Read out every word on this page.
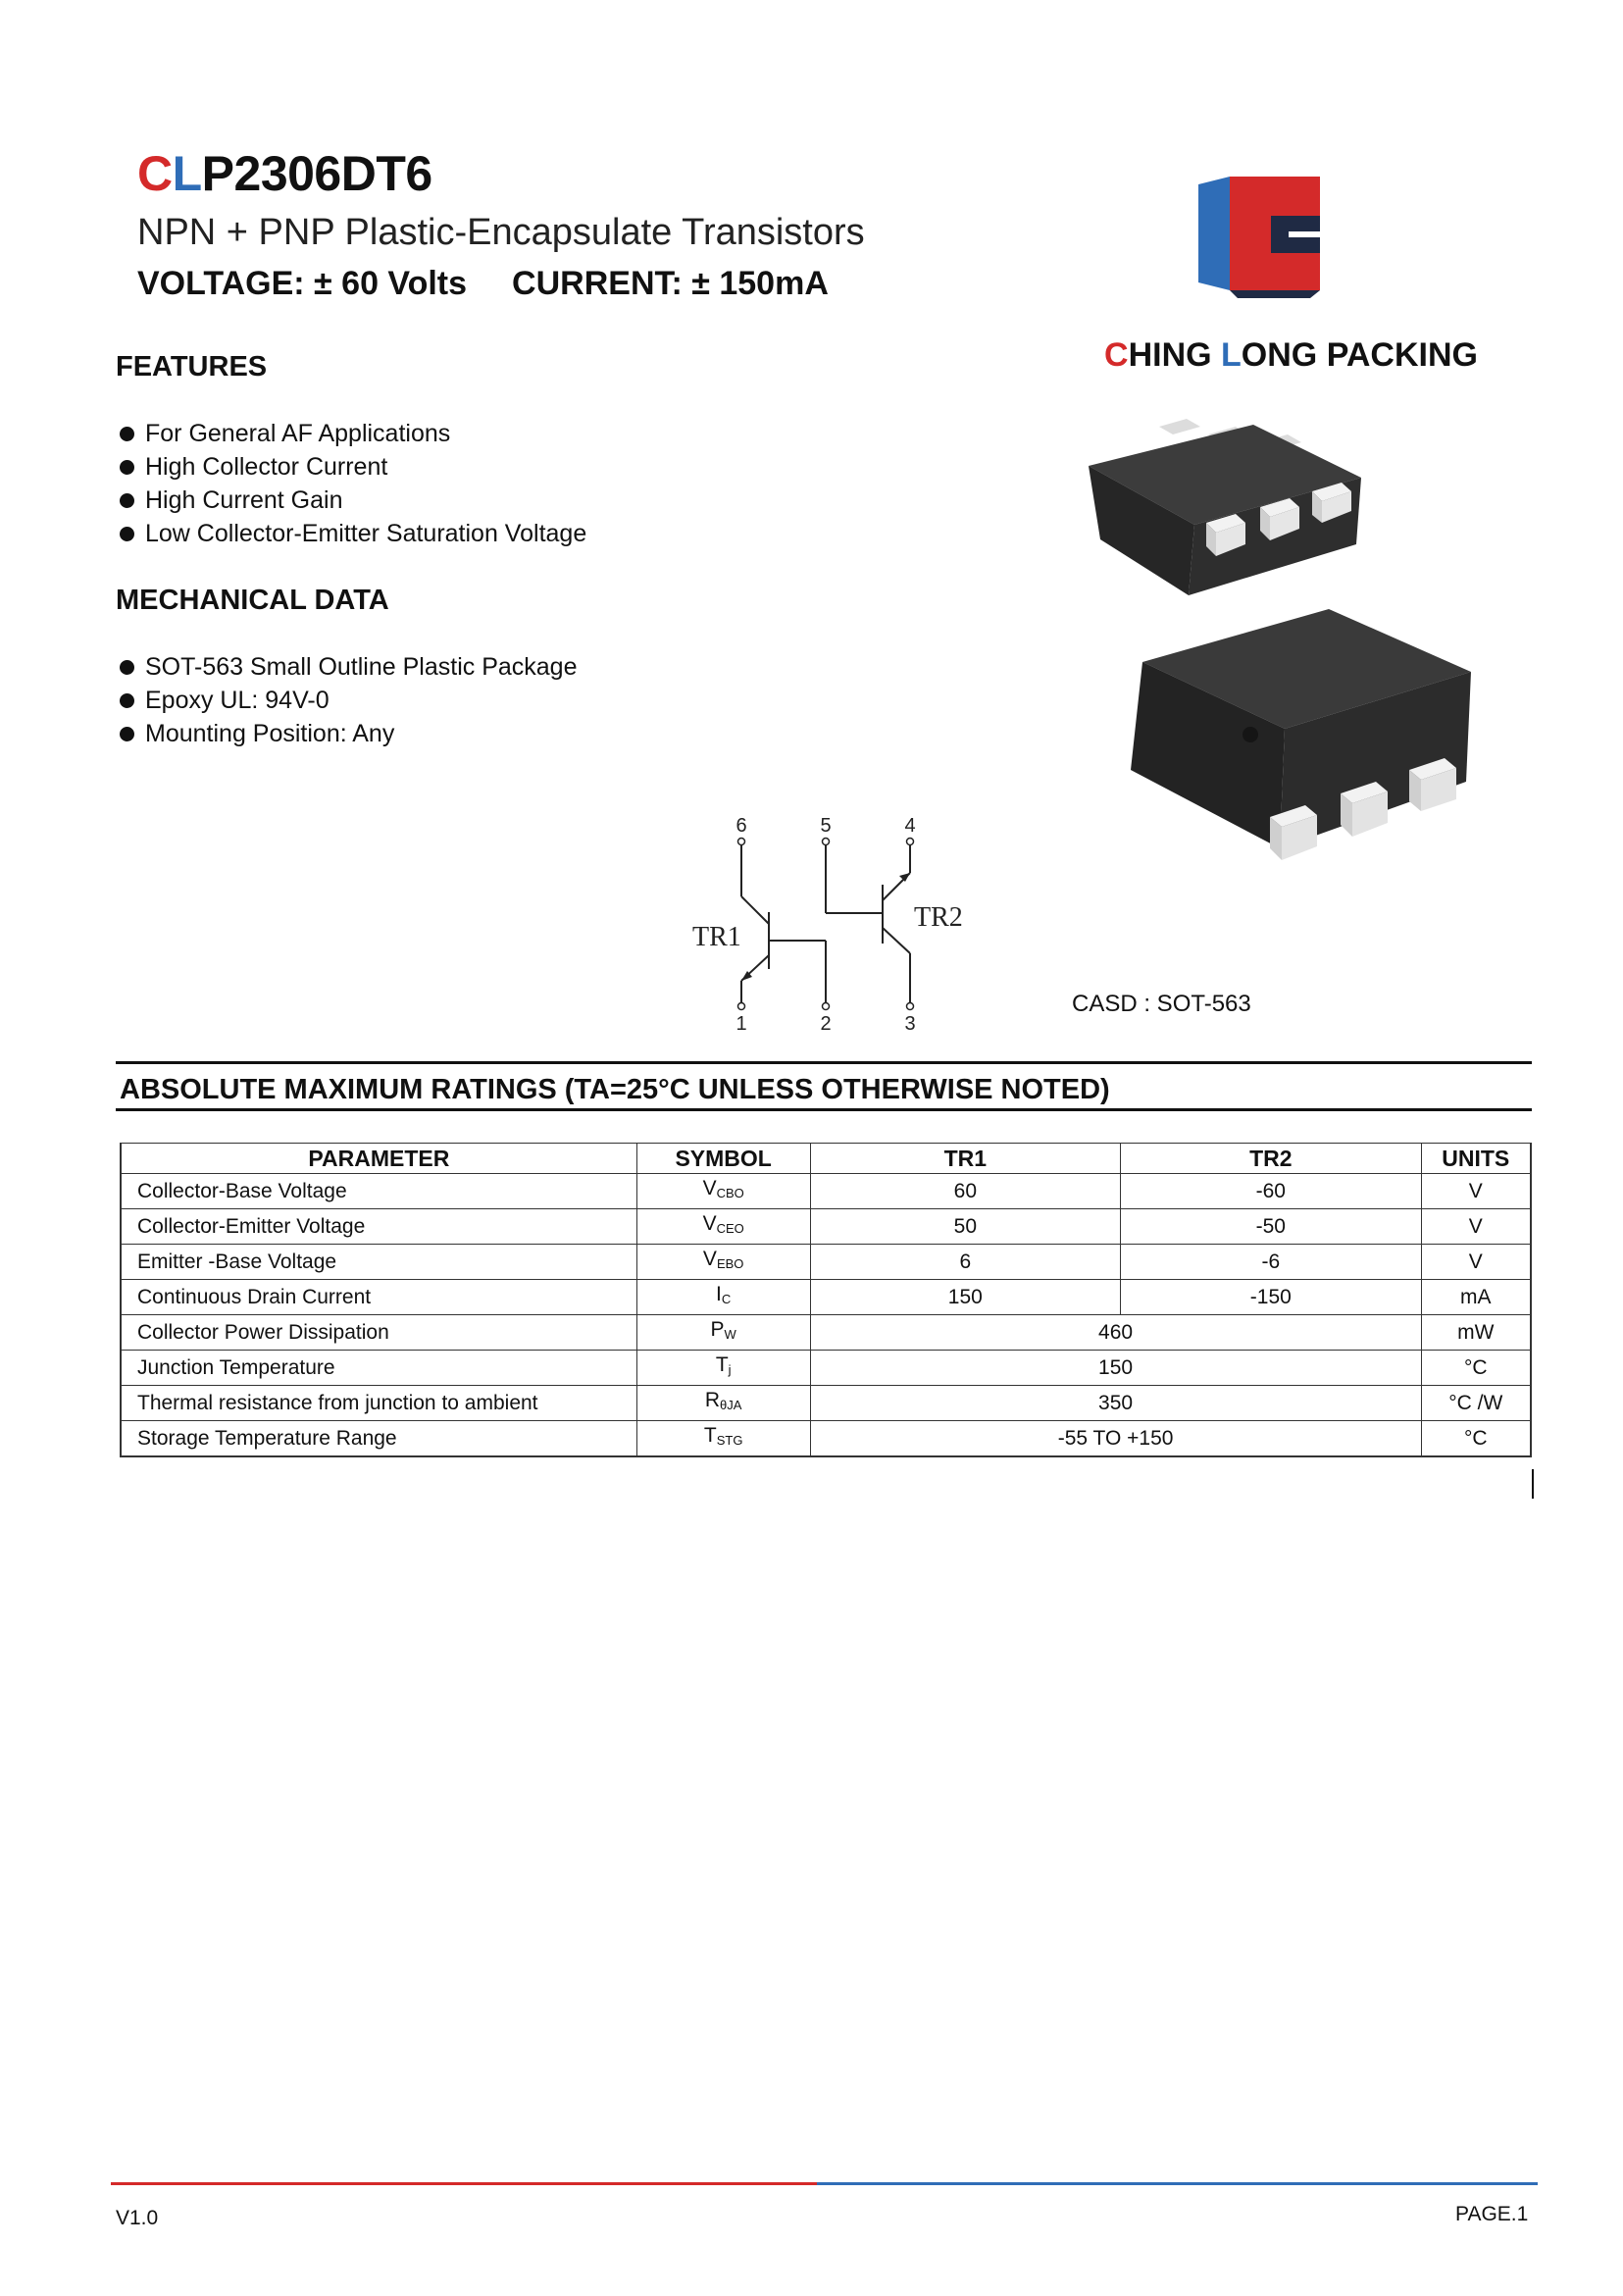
CLP2306DT6
NPN + PNP Plastic-Encapsulate Transistors
VOLTAGE: ± 60 Volts CURRENT: ± 150mA
CHING LONG PACKING
FEATURES
For General AF Applications
High Collector Current
High Current Gain
Low Collector-Emitter Saturation Voltage
MECHANICAL DATA
SOT-563 Small Outline Plastic Package
Epoxy UL: 94V-0
Mounting Position: Any
6	5	4
1	2	3
TR1
TR2
CASD : SOT-563
ABSOLUTE MAXIMUM RATINGS (TA=25°C UNLESS OTHERWISE NOTED)
PARAMETER	SYMBOL	TR1	TR2	UNITS
Collector-Base Voltage	$V_{CBO}$	60	-60	V
Collector-Emitter Voltage	$V_{CEO}$	50	-50	V
Emitter -Base Voltage	$V_{EBO}$	6	-6	V
Continuous Drain Current	$I_C$	150	-150	mA
Collector Power Dissipation	$P_W$	460		mW
Junction Temperature	$T_j$	150		°C
Thermal resistance from junction to ambient	$R_{\theta JA}$	350		°C /W
Storage Temperature Range	$T_{STG}$	-55 TO +150		°C
V1.0	PAGE.1
